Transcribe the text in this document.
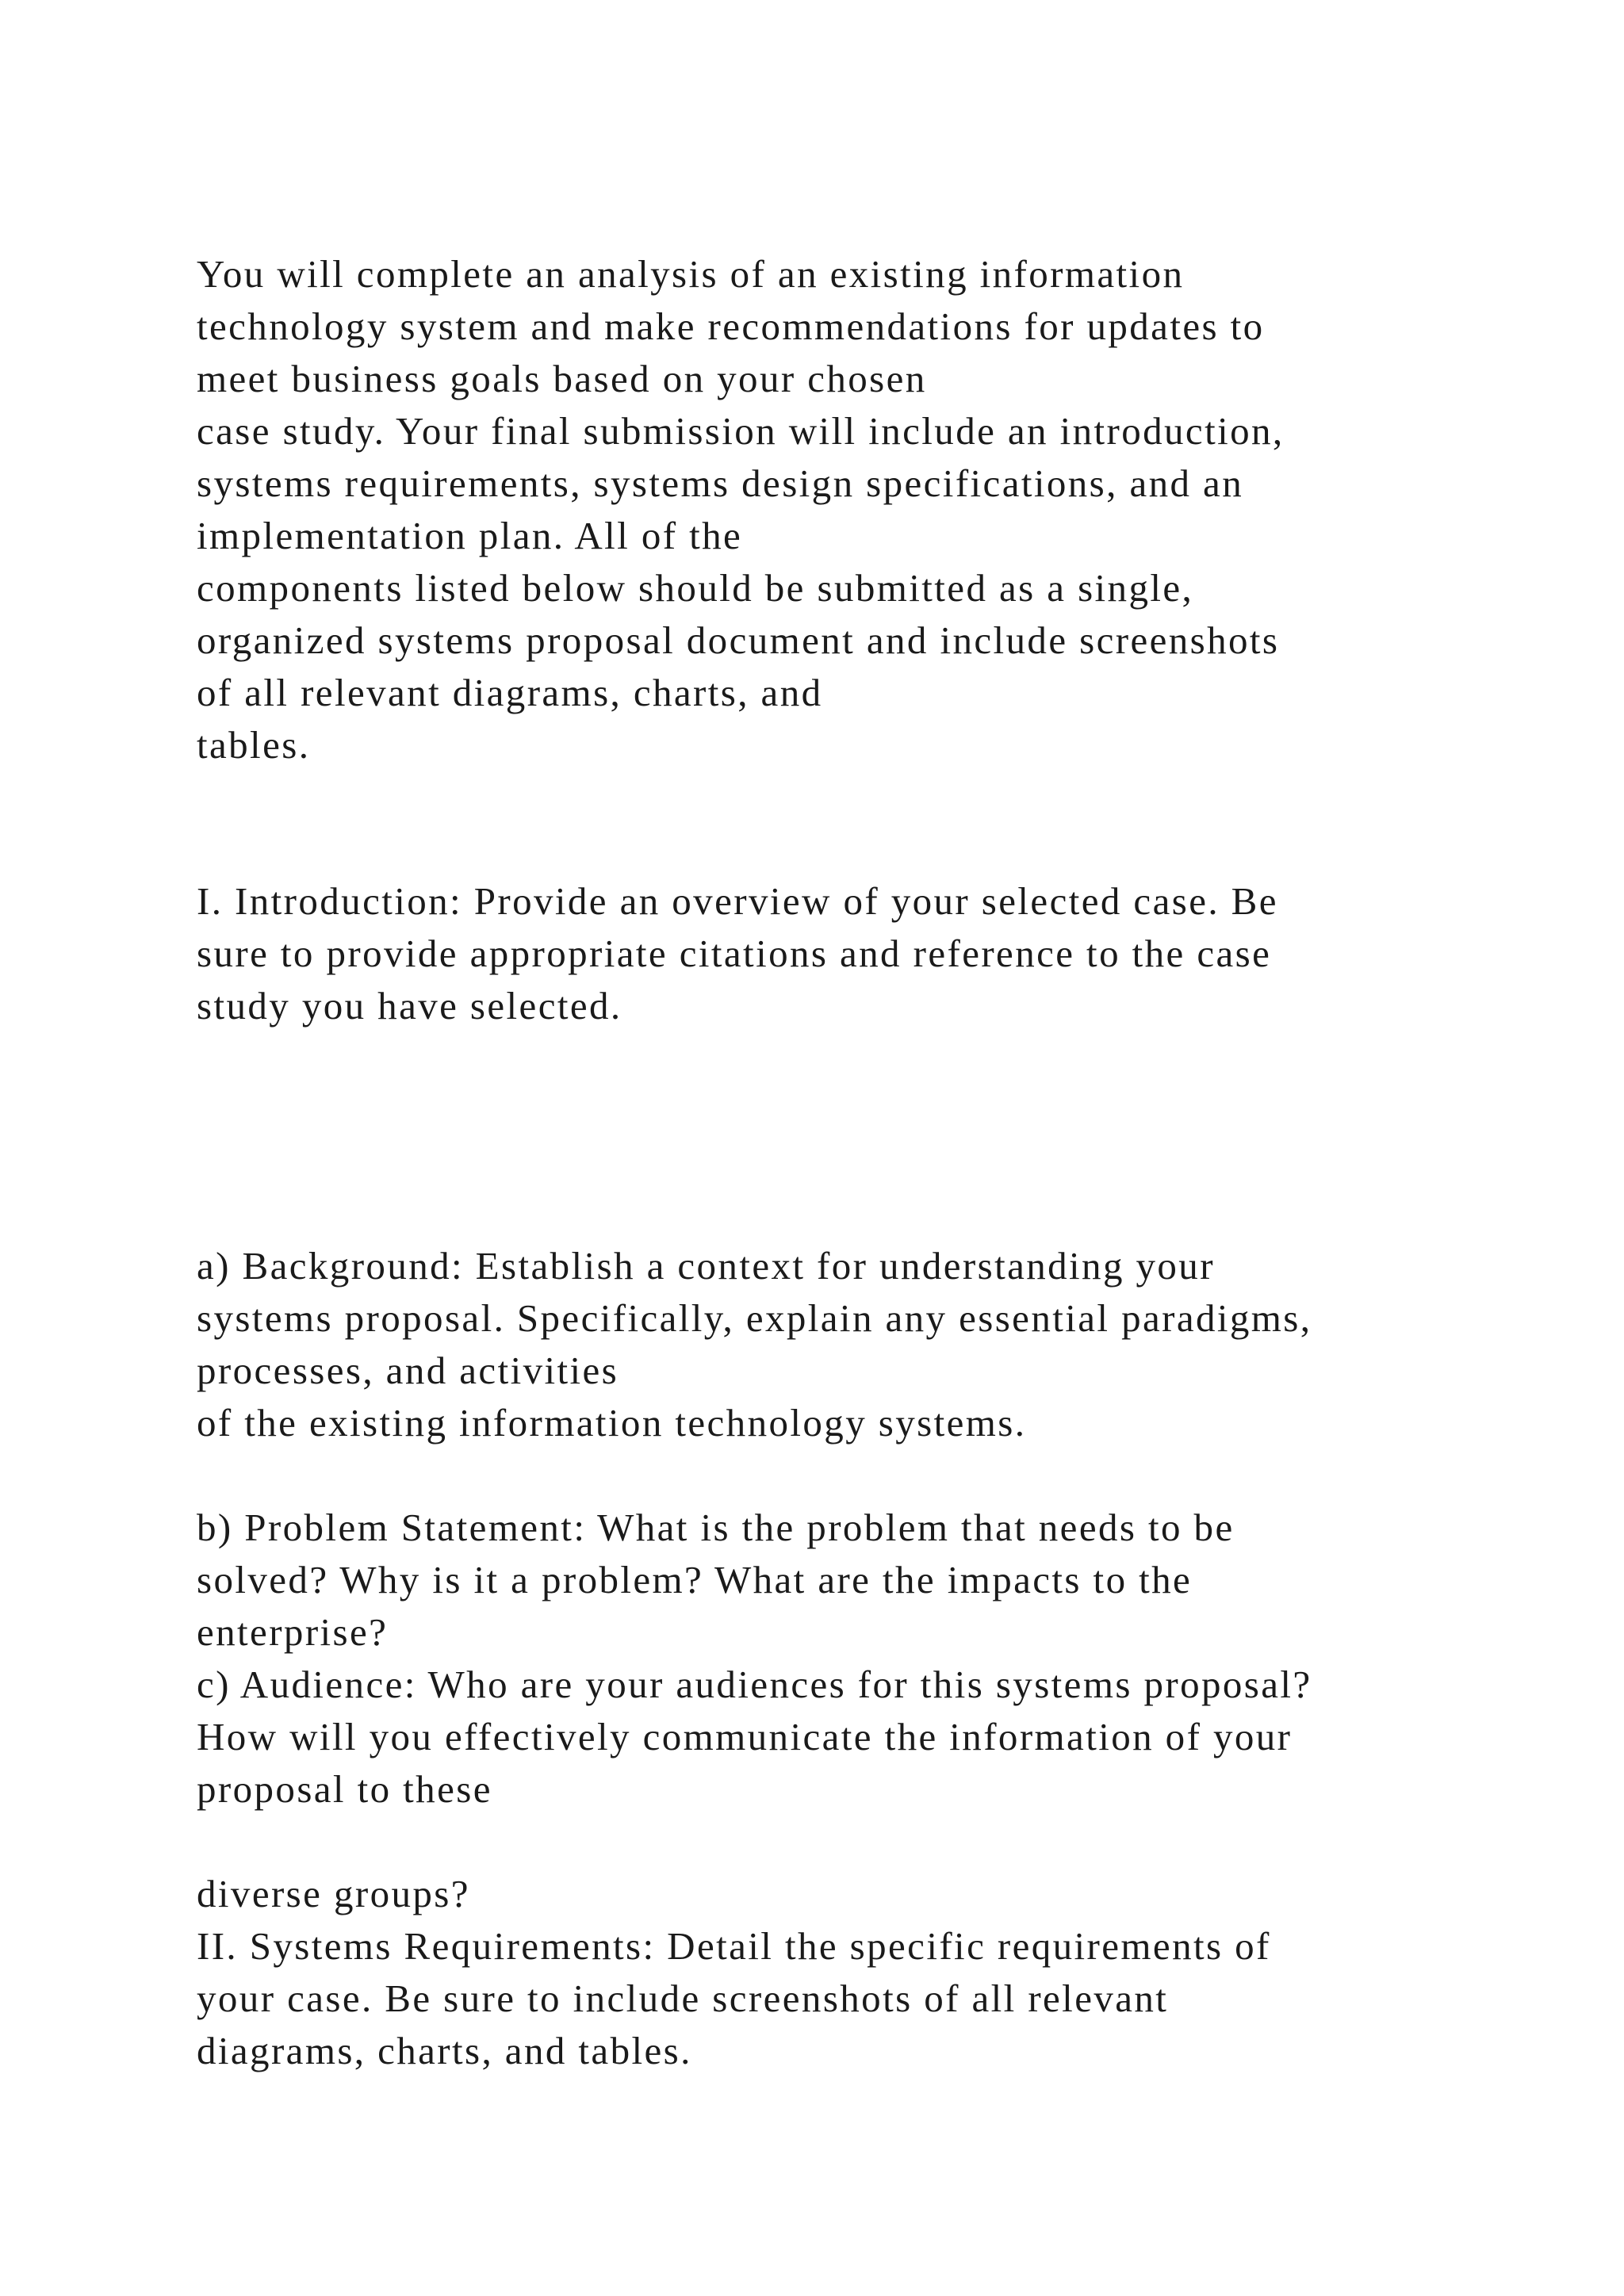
You will complete an analysis of an existing information

technology system and make recommendations for updates to

meet business goals based on your chosen

case study. Your final submission will include an introduction,

systems requirements, systems design specifications, and an

implementation plan. All of the

components listed below should be submitted as a single,

organized systems proposal document and include screenshots

of all relevant diagrams, charts, and

tables.

I. Introduction: Provide an overview of your selected case. Be

sure to provide appropriate citations and reference to the case

study you have selected.

a) Background: Establish a context for understanding your

systems proposal. Specifically, explain any essential paradigms,

processes, and activities

of the existing information technology systems.

b) Problem Statement: What is the problem that needs to be

solved? Why is it a problem? What are the impacts to the

enterprise?

c) Audience: Who are your audiences for this systems proposal?

How will you effectively communicate the information of your

proposal to these

diverse groups?

II. Systems Requirements: Detail the specific requirements of

your case. Be sure to include screenshots of all relevant

diagrams, charts, and tables.
